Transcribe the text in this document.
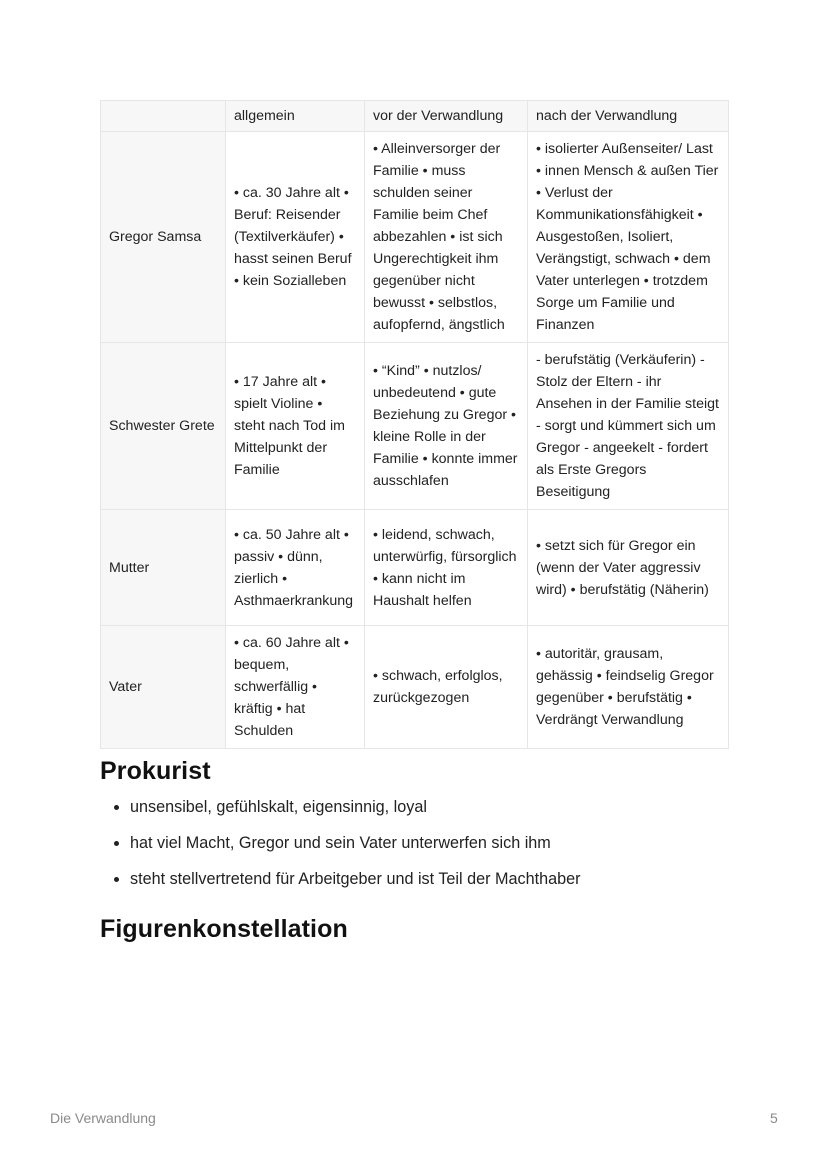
	allgemein	vor der Verwandlung	nach der Verwandlung
Gregor Samsa	• ca. 30 Jahre alt • Beruf: Reisender (Textilverkäufer) • hasst seinen Beruf • kein Sozialleben	• Alleinversorger der Familie • muss schulden seiner Familie beim Chef abbezahlen • ist sich Ungerechtigkeit ihm gegenüber nicht bewusst • selbstlos, aufopfernd, ängstlich	• isolierter Außenseiter/ Last • innen Mensch & außen Tier • Verlust der Kommunikationsfähigkeit • Ausgestoßen, Isoliert, Verängstigt, schwach • dem Vater unterlegen • trotzdem Sorge um Familie und Finanzen
Schwester Grete	• 17 Jahre alt • spielt Violine • steht nach Tod im Mittelpunkt der Familie	• “Kind” • nutzlos/ unbedeutend • gute Beziehung zu Gregor • kleine Rolle in der Familie • konnte immer ausschlafen	- berufstätig (Verkäuferin) - Stolz der Eltern - ihr Ansehen in der Familie steigt - sorgt und kümmert sich um Gregor - angeekelt - fordert als Erste Gregors Beseitigung
Mutter	• ca. 50 Jahre alt • passiv • dünn, zierlich • Asthmaerkrankung	• leidend, schwach, unterwürfig, fürsorglich • kann nicht im Haushalt helfen	• setzt sich für Gregor ein (wenn der Vater aggressiv wird) • berufstätig (Näherin)
Vater	• ca. 60 Jahre alt • bequem, schwerfällig • kräftig • hat Schulden	• schwach, erfolglos, zurückgezogen	• autoritär, grausam, gehässig • feindselig Gregor gegenüber • berufstätig • Verdrängt Verwandlung
Prokurist
unsensibel, gefühlskalt, eigensinnig, loyal
hat viel Macht, Gregor und sein Vater unterwerfen sich ihm
steht stellvertretend für Arbeitgeber und ist Teil der Machthaber
Figurenkonstellation
Die Verwandlung	5
